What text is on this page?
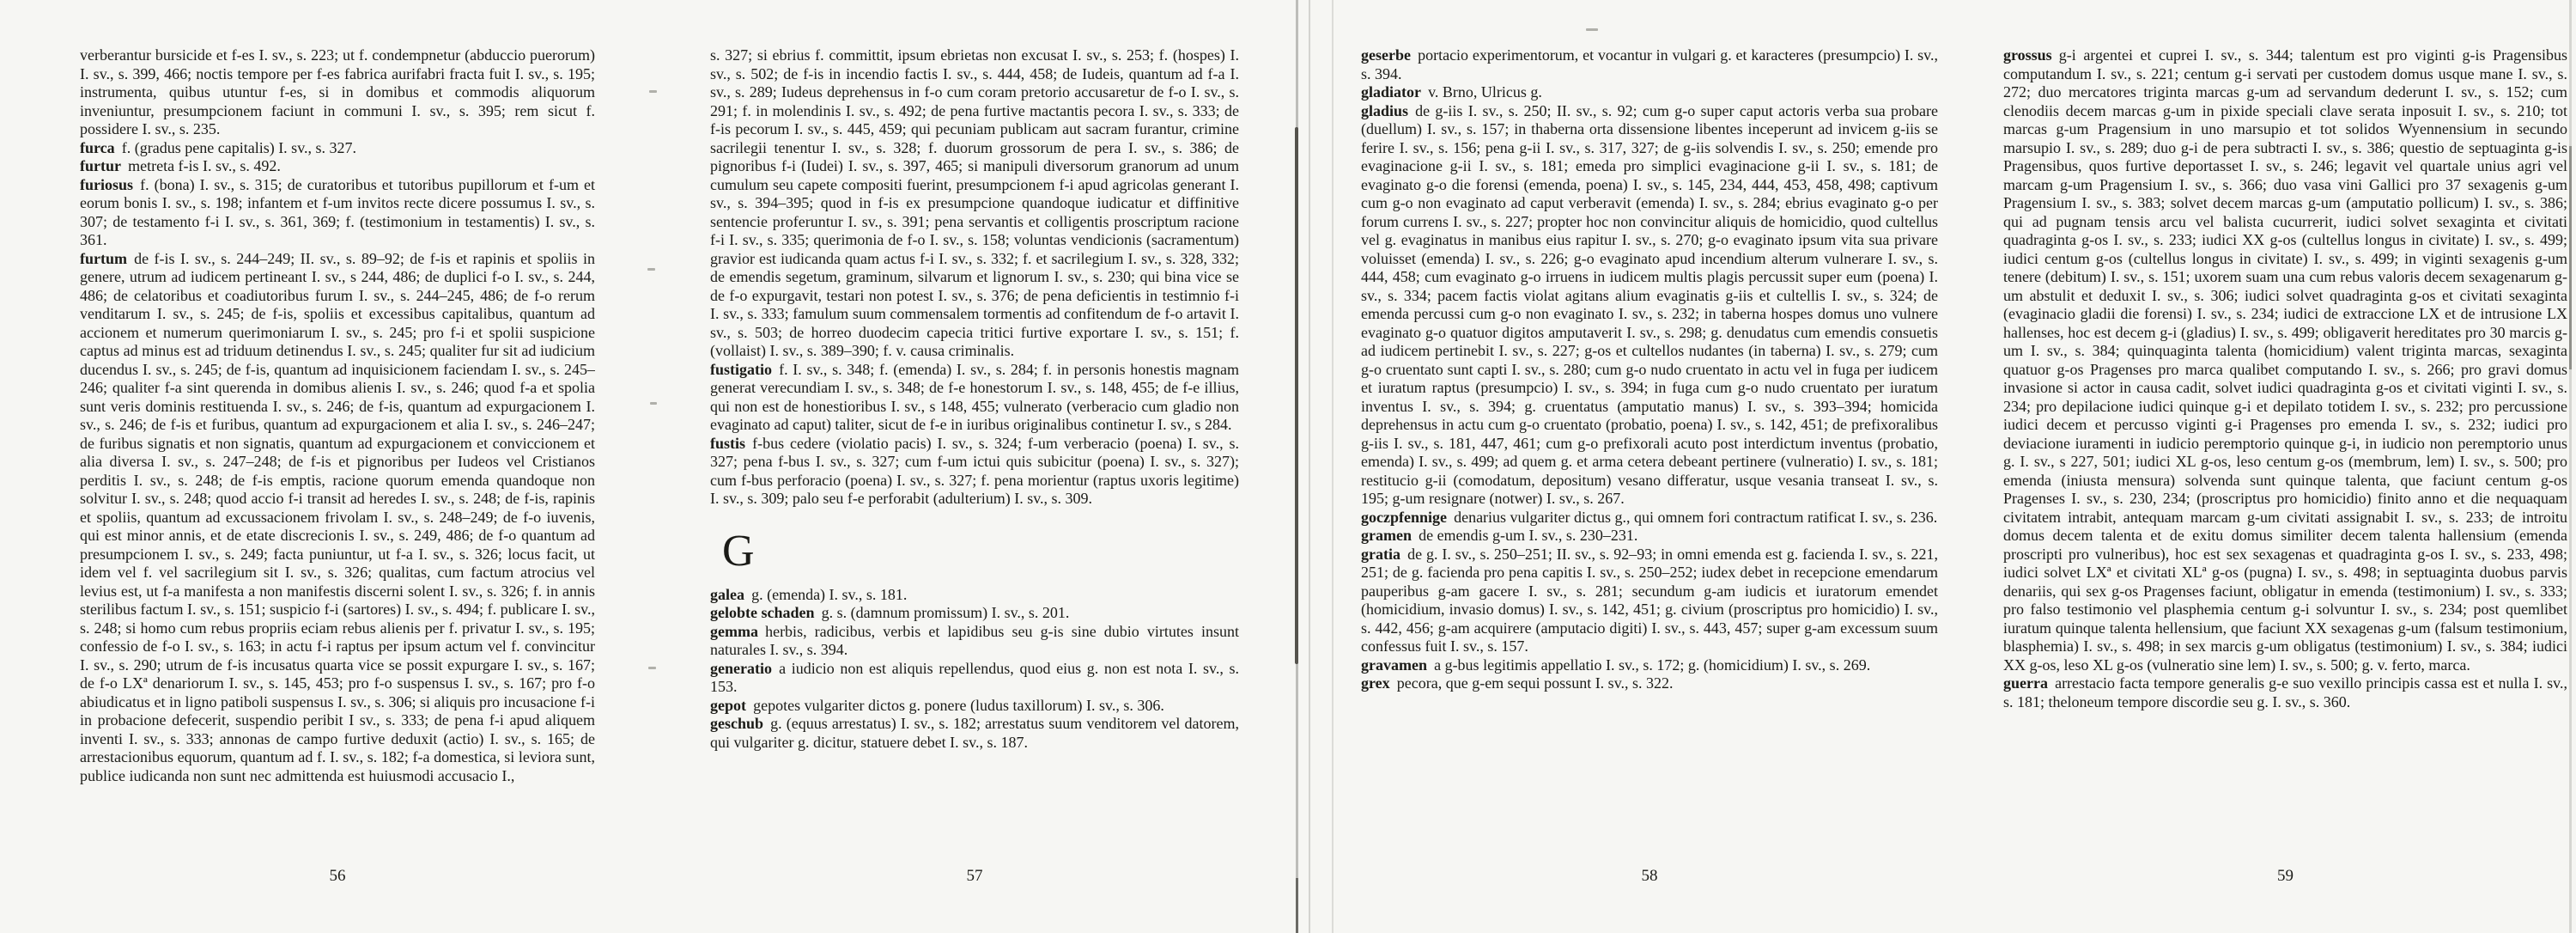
verberantur bursicide et f-es I. sv., s. 223; ut f. condempnetur (abduccio puerorum) I. sv., s. 399, 466; noctis tempore per f-es fabrica aurifabri fracta fuit I. sv., s. 195; instrumenta, quibus utuntur f-es, si in domibus et commodis aliquorum inveniuntur, presumpcionem faciunt in communi I. sv., s. 395; rem sicut f. possidere I. sv., s. 235.

furca f. (gradus pene capitalis) I. sv., s. 327.

furtur metreta f-is I. sv., s. 492.

furiosus f. (bona) I. sv., s. 315; de curatoribus et tutoribus pupillorum et f-um et eorum bonis I. sv., s. 198; infantem et f-um invitos recte dicere possumus I. sv., s. 307; de testamento f-i I. sv., s. 361, 369; f. (testimonium in testamentis) I. sv., s. 361.

furtum de f-is I. sv., s. 244–249; II. sv., s. 89–92; de f-is et rapinis et spoliis in genere, utrum ad iudicem pertineant I. sv., s 244, 486; de duplici f-o I. sv., s. 244, 486; de celatoribus et coadiutoribus furum I. sv., s. 244–245, 486; de f-o rerum venditarum I. sv., s. 245; de f-is, spoliis et excessibus capitalibus, quantum ad accionem et numerum querimoniarum I. sv., s. 245; pro f-i et spolii suspicione captus ad minus est ad triduum detinendus I. sv., s. 245; qualiter fur sit ad iudicium ducendus I. sv., s. 245; de f-is, quantum ad inquisicionem faciendam I. sv., s. 245–246; qualiter f-a sint querenda in domibus alienis I. sv., s. 246; quod f-a et spolia sunt veris dominis restituenda I. sv., s. 246; de f-is, quantum ad expurgacionem I. sv., s. 246; de f-is et furibus, quantum ad expurgacionem et alia I. sv., s. 246–247; de furibus signatis et non signatis, quantum ad expurgacionem et conviccionem et alia diversa I. sv., s. 247–248; de f-is et pignoribus per Iudeos vel Cristianos perditis I. sv., s. 248; de f-is emptis, racione quorum emenda quandoque non solvitur I. sv., s. 248; quod accio f-i transit ad heredes I. sv., s. 248; de f-is, rapinis et spoliis, quantum ad excussacionem frivolam I. sv., s. 248–249; de f-o iuvenis, qui est minor annis, et de etate discrecionis I. sv., s. 249, 486; de f-o quantum ad presumpcionem I. sv., s. 249; facta puniuntur, ut f-a I. sv., s. 326; locus facit, ut idem vel f. vel sacrilegium sit I. sv., s. 326; qualitas, cum factum atrocius vel levius est, ut f-a manifesta a non manifestis discerni solent I. sv., s. 326; f. in annis sterilibus factum I. sv., s. 151; suspicio f-i (sartores) I. sv., s. 494; f. publicare I. sv., s. 248; si homo cum rebus propriis eciam rebus alienis per f. privatur I. sv., s. 195; confessio de f-o I. sv., s. 163; in actu f-i raptus per ipsum actum vel f. convincitur I. sv., s. 290; utrum de f-is incusatus quarta vice se possit expurgare I. sv., s. 167; de f-o LXª denariorum I. sv., s. 145, 453; pro f-o suspensus I. sv., s. 167; pro f-o abiudicatus et in ligno patiboli suspensus I. sv., s. 306; si aliquis pro incusacione f-i in probacione defecerit, suspendio peribit I sv., s. 333; de pena f-i apud aliquem inventi I. sv., s. 333; annonas de campo furtive deduxit (actio) I. sv., s. 165; de arrestacionibus equorum, quantum ad f. I. sv., s. 182; f-a domestica, si leviora sunt, publice iudicanda non sunt nec admittenda est huiusmodi accusacio I.,

s. 327; si ebrius f. committit, ipsum ebrietas non excusat I. sv., s. 253; f. (hospes) I. sv., s. 502; de f-is in incendio factis I. sv., s. 444, 458; de Iudeis, quantum ad f-a I. sv., s. 289; Iudeus deprehensus in f-o cum coram pretorio accusaretur de f-o I. sv., s. 291; f. in molendinis I. sv., s. 492; de pena furtive mactantis pecora I. sv., s. 333; de f-is pecorum I. sv., s. 445, 459; qui pecuniam publicam aut sacram furantur, crimine sacrilegii tenentur I. sv., s. 328; f. duorum grossorum de pera I. sv., s. 386; de pignoribus f-i (Iudei) I. sv., s. 397, 465; si manipuli diversorum granorum ad unum cumulum seu capete compositi fuerint, presumpcionem f-i apud agricolas generant I. sv., s. 394–395; quod in f-is ex presumpcione quandoque iudicatur et diffinitive sentencie proferuntur I. sv., s. 391; pena servantis et colligentis proscriptum racione f-i I. sv., s. 335; querimonia de f-o I. sv., s. 158; voluntas vendicionis (sacramentum) gravior est iudicanda quam actus f-i I. sv., s. 332; f. et sacrilegium I. sv., s. 328, 332; de emendis segetum, graminum, silvarum et lignorum I. sv., s. 230; qui bina vice se de f-o expurgavit, testari non potest I. sv., s. 376; de pena deficientis in testimnio f-i I. sv., s. 333; famulum suum commensalem tormentis ad confitendum de f-o artavit I. sv., s. 503; de horreo duodecim capecia tritici furtive exportare I. sv., s. 151; f. (vollaist) I. sv., s. 389–390; f. v. causa criminalis.

fustigatio f. I. sv., s. 348; f. (emenda) I. sv., s. 284; f. in personis honestis magnam generat verecundiam I. sv., s. 348; de f-e honestorum I. sv., s. 148, 455; de f-e illius, qui non est de honestioribus I. sv., s 148, 455; vulnerato (verberacio cum gladio non evaginato ad caput) taliter, sicut de f-e in iuribus originalibus continetur I. sv., s 284.

fustis f-bus cedere (violatio pacis) I. sv., s. 324; f-um verberacio (poena) I. sv., s. 327; pena f-bus I. sv., s. 327; cum f-um ictui quis subicitur (poena) I. sv., s. 327); cum f-bus perforacio (poena) I. sv., s. 327; f. pena morientur (raptus uxoris legitime) I. sv., s. 309; palo seu f-e perforabit (adulterium) I. sv., s. 309.

G

galea g. (emenda) I. sv., s. 181.

gelobte schaden g. s. (damnum promissum) I. sv., s. 201.

gemma herbis, radicibus, verbis et lapidibus seu g-is sine dubio virtutes insunt naturales I. sv., s. 394.

generatio a iudicio non est aliquis repellendus, quod eius g. non est nota I. sv., s. 153.

gepot gepotes vulgariter dictos g. ponere (ludus taxillorum) I. sv., s. 306.

geschub g. (equus arrestatus) I. sv., s. 182; arrestatus suum venditorem vel datorem, qui vulgariter g. dicitur, statuere debet I. sv., s. 187.

geserbe portacio experimentorum, et vocantur in vulgari g. et karacteres (presumpcio) I. sv., s. 394.

gladiator v. Brno, Ulricus g.

gladius de g-iis I. sv., s. 250; II. sv., s. 92; cum g-o super caput actoris verba sua probare (duellum) I. sv., s. 157; in thaberna orta dissensione libentes inceperunt ad invicem g-iis se ferire I. sv., s. 156; pena g-ii I. sv., s. 317, 327; de g-iis solvendis I. sv., s. 250; emende pro evaginacione g-ii I. sv., s. 181; emeda pro simplici evaginacione g-ii I. sv., s. 181; de evaginato g-o die forensi (emenda, poena) I. sv., s. 145, 234, 444, 453, 458, 498; captivum cum g-o non evaginato ad caput verberavit (emenda) I. sv., s. 284; ebrius evaginato g-o per forum currens I. sv., s. 227; propter hoc non convincitur aliquis de homicidio, quod cultellus vel g. evaginatus in manibus eius rapitur I. sv., s. 270; g-o evaginato ipsum vita sua privare voluisset (emenda) I. sv., s. 226; g-o evaginato apud incendium alterum vulnerare I. sv., s. 444, 458; cum evaginato g-o irruens in iudicem multis plagis percussit super eum (poena) I. sv., s. 334; pacem factis violat agitans alium evaginatis g-iis et cultellis I. sv., s. 324; de emenda percussi cum g-o non evaginato I. sv., s. 232; in taberna hospes domus uno vulnere evaginato g-o quatuor digitos amputaverit I. sv., s. 298; g. denudatus cum emendis consuetis ad iudicem pertinebit I. sv., s. 227; g-os et cultellos nudantes (in taberna) I. sv., s. 279; cum g-o cruentato sunt capti I. sv., s. 280; cum g-o nudo cruentato in actu vel in fuga per iudicem et iuratum raptus (presumpcio) I. sv., s. 394; in fuga cum g-o nudo cruentato per iuratum inventus I. sv., s. 394; g. cruentatus (amputatio manus) I. sv., s. 393–394; homicida deprehensus in actu cum g-o cruentato (probatio, poena) I. sv., s. 142, 451; de prefixoralibus g-iis I. sv., s. 181, 447, 461; cum g-o prefixorali acuto post interdictum inventus (probatio, emenda) I. sv., s. 499; ad quem g. et arma cetera debeant pertinere (vulneratio) I. sv., s. 181; restitucio g-ii (comodatum, depositum) vesano differatur, usque vesania transeat I. sv., s. 195; g-um resignare (notwer) I. sv., s. 267.

goczpfennige denarius vulgariter dictus g., qui omnem fori contractum ratificat I. sv., s. 236.

gramen de emendis g-um I. sv., s. 230–231.

gratia de g. I. sv., s. 250–251; II. sv., s. 92–93; in omni emenda est g. facienda I. sv., s. 221, 251; de g. facienda pro pena capitis I. sv., s. 250–252; iudex debet in recepcione emendarum pauperibus g-am gacere I. sv., s. 281; secundum g-am iudicis et iuratorum emendet (homicidium, invasio domus) I. sv., s. 142, 451; g. civium (proscriptus pro homicidio) I. sv., s. 442, 456; g-am acquirere (amputacio digiti) I. sv., s. 443, 457; super g-am excessum suum confessus fuit I. sv., s. 157.

gravamen a g-bus legitimis appellatio I. sv., s. 172; g. (homicidium) I. sv., s. 269.

grex pecora, que g-em sequi possunt I. sv., s. 322.

grossus g-i argentei et cuprei I. sv., s. 344; talentum est pro viginti g-is Pragensibus computandum I. sv., s. 221; centum g-i servati per custodem domus usque mane I. sv., s. 272; duo mercatores triginta marcas g-um ad servandum dederunt I. sv., s. 152; cum clenodiis decem marcas g-um in pixide speciali clave serata inposuit I. sv., s. 210; tot marcas g-um Pragensium in uno marsupio et tot solidos Wyennensium in secundo marsupio I. sv., s. 289; duo g-i de pera subtracti I. sv., s. 386; questio de septuaginta g-is Pragensibus, quos furtive deportasset I. sv., s. 246; legavit vel quartale unius agri vel marcam g-um Pragensium I. sv., s. 366; duo vasa vini Gallici pro 37 sexagenis g-um Pragensium I. sv., s. 383; solvet decem marcas g-um (amputatio pollicum) I. sv., s. 386; qui ad pugnam tensis arcu vel balista cucurrerit, iudici solvet sexaginta et civitati quadraginta g-os I. sv., s. 233; iudici XX g-os (cultellus longus in civitate) I. sv., s. 499; iudici centum g-os (cultellus longus in civitate) I. sv., s. 499; in viginti sexagenis g-um tenere (debitum) I. sv., s. 151; uxorem suam una cum rebus valoris decem sexagenarum g-um abstulit et deduxit I. sv., s. 306; iudici solvet quadraginta g-os et civitati sexaginta (evaginacio gladii die forensi) I. sv., s. 234; iudici de extraccione LX et de intrusione LX hallenses, hoc est decem g-i (gladius) I. sv., s. 499; obligaverit hereditates pro 30 marcis g-um I. sv., s. 384; quinquaginta talenta (homicidium) valent triginta marcas, sexaginta quatuor g-os Pragenses pro marca qualibet computando I. sv., s. 266; pro gravi domus invasione si actor in causa cadit, solvet iudici quadraginta g-os et civitati viginti I. sv., s. 234; pro depilacione iudici quinque g-i et depilato totidem I. sv., s. 232; pro percussione iudici decem et percusso viginti g-i Pragenses pro emenda I. sv., s. 232; iudici pro deviacione iuramenti in iudicio peremptorio quinque g-i, in iudicio non peremptorio unus g. I. sv., s 227, 501; iudici XL g-os, leso centum g-os (membrum, lem) I. sv., s. 500; pro emenda (iniusta mensura) solvenda sunt quinque talenta, que faciunt centum g-os Pragenses I. sv., s. 230, 234; (proscriptus pro homicidio) finito anno et die nequaquam civitatem intrabit, antequam marcam g-um civitati assignabit I. sv., s. 233; de introitu domus decem talenta et de exitu domus similiter decem talenta hallensium (emenda proscripti pro vulneribus), hoc est sex sexagenas et quadraginta g-os I. sv., s. 233, 498; iudici solvet LXª et civitati XLª g-os (pugna) I. sv., s. 498; in septuaginta duobus parvis denariis, qui sex g-os Pragenses faciunt, obligatur in emenda (testimonium) I. sv., s. 333; pro falso testimonio vel plasphemia centum g-i solvuntur I. sv., s. 234; post quemlibet iuratum quinque talenta hellensium, que faciunt XX sexagenas g-um (falsum testimonium, blasphemia) I. sv., s. 498; in sex marcis g-um obligatus (testimonium) I. sv., s. 384; iudici XX g-os, leso XL g-os (vulneratio sine lem) I. sv., s. 500; g. v. ferto, marca.

guerra arrestacio facta tempore generalis g-e suo vexillo principis cassa est et nulla I. sv., s. 181; theloneum tempore discordie seu g. I. sv., s. 360.

56	57	58	59
